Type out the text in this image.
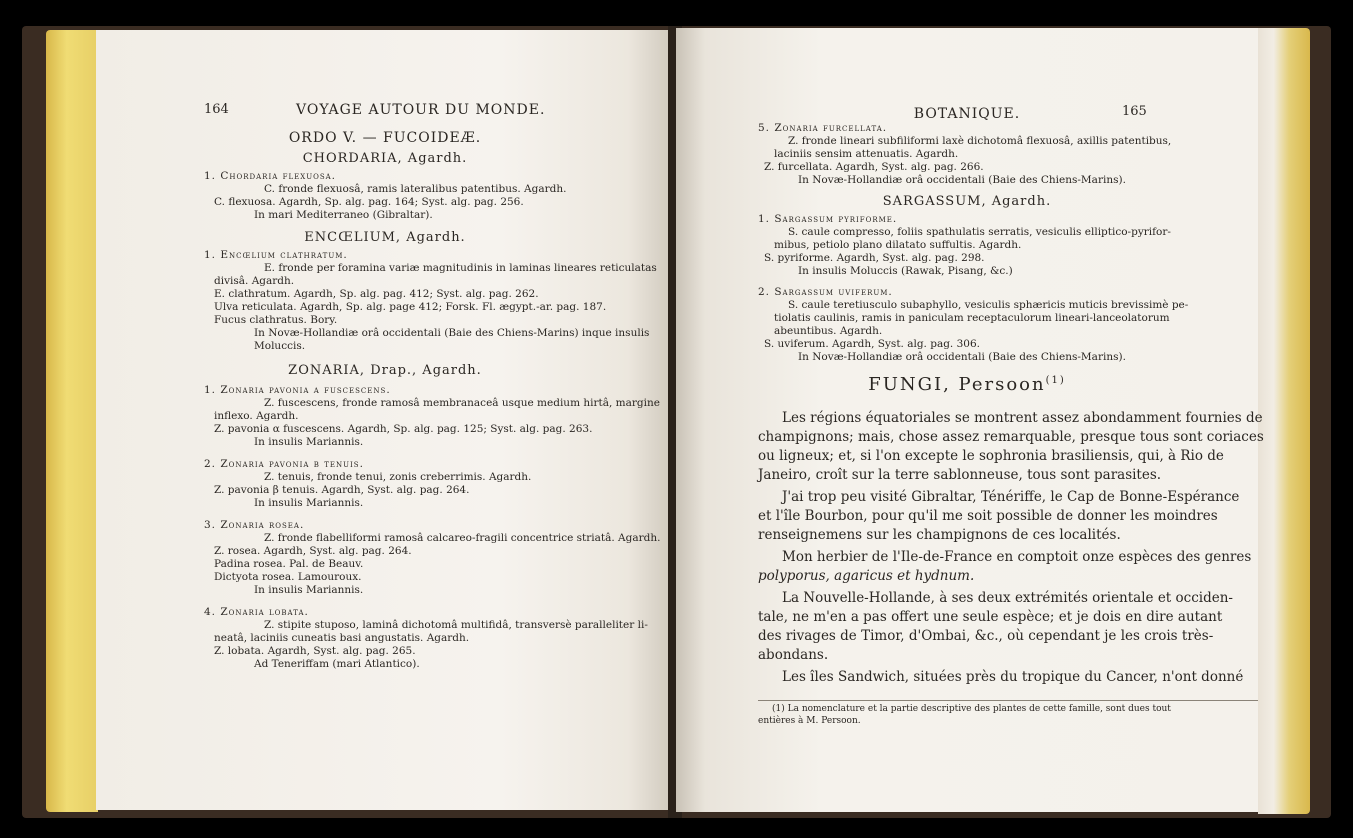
164	VOYAGE AUTOUR DU MONDE.
ORDO V. — FUCOIDEÆ.
CHORDARIA, Agardh.
1. Chordaria flexuosa.
C. fronde flexuosâ, ramis lateralibus patentibus. Agardh.
C. flexuosa. Agardh, Sp. alg. pag. 164; Syst. alg. pag. 256.
In mari Mediterraneo (Gibraltar).
ENCŒLIUM, Agardh.
1. Encœlium clathratum.
E. fronde per foramina variæ magnitudinis in laminas lineares reticulatas
divisâ. Agardh.
E. clathratum. Agardh, Sp. alg. pag. 412; Syst. alg. pag. 262.
Ulva reticulata. Agardh, Sp. alg. page 412; Forsk. Fl. ægypt.-ar. pag. 187.
Fucus clathratus. Bory.
In Novæ-Hollandiæ orâ occidentali (Baie des Chiens-Marins) inque insulis
Moluccis.
ZONARIA, Drap., Agardh.
1. Zonaria pavonia α fuscescens.
Z. fuscescens, fronde ramosâ membranaceâ usque medium hirtâ, margine
inflexo. Agardh.
Z. pavonia α fuscescens. Agardh, Sp. alg. pag. 125; Syst. alg. pag. 263.
In insulis Mariannis.
2. Zonaria pavonia β tenuis.
Z. tenuis, fronde tenui, zonis creberrimis. Agardh.
Z. pavonia β tenuis. Agardh, Syst. alg. pag. 264.
In insulis Mariannis.
3. Zonaria rosea.
Z. fronde flabelliformi ramosâ calcareo-fragili concentrice striatâ. Agardh.
Z. rosea. Agardh, Syst. alg. pag. 264.
Padina rosea. Pal. de Beauv.
Dictyota rosea. Lamouroux.
In insulis Mariannis.
4. Zonaria lobata.
Z. stipite stuposo, laminâ dichotomâ multifidâ, transversè paralleliter li-
neatâ, laciniis cuneatis basi angustatis. Agardh.
Z. lobata. Agardh, Syst. alg. pag. 265.
Ad Teneriffam (mari Atlantico).
BOTANIQUE.	165
5. Zonaria furcellata.
Z. fronde lineari subfiliformi laxè dichotomâ flexuosâ, axillis patentibus,
laciniis sensim attenuatis. Agardh.
Z. furcellata. Agardh, Syst. alg. pag. 266.
In Novæ-Hollandiæ orâ occidentali (Baie des Chiens-Marins).
SARGASSUM, Agardh.
1. Sargassum pyriforme.
S. caule compresso, foliis spathulatis serratis, vesiculis elliptico-pyrifor-
mibus, petiolo plano dilatato suffultis. Agardh.
S. pyriforme. Agardh, Syst. alg. pag. 298.
In insulis Moluccis (Rawak, Pisang, &c.)
2. Sargassum uviferum.
S. caule teretiusculo subaphyllo, vesiculis sphæricis muticis brevissimè pe-
tiolatis caulinis, ramis in paniculam receptaculorum lineari-lanceolatorum
abeuntibus. Agardh.
S. uviferum. Agardh, Syst. alg. pag. 306.
In Novæ-Hollandiæ orâ occidentali (Baie des Chiens-Marins).
FUNGI, Persoon$^{(1)}$
Les régions équatoriales se montrent assez abondamment fournies de
champignons; mais, chose assez remarquable, presque tous sont coriaces
ou ligneux; et, si l'on excepte le sophronia brasiliensis, qui, à Rio de
Janeiro, croît sur la terre sablonneuse, tous sont parasites.
J'ai trop peu visité Gibraltar, Ténériffe, le Cap de Bonne-Espérance
et l'île Bourbon, pour qu'il me soit possible de donner les moindres
renseignemens sur les champignons de ces localités.
Mon herbier de l'Ile-de-France en comptoit onze espèces des genres
polyporus, agaricus et hydnum.
La Nouvelle-Hollande, à ses deux extrémités orientale et occiden-
tale, ne m'en a pas offert une seule espèce; et je dois en dire autant
des rivages de Timor, d'Ombai, &c., où cependant je les crois très-
abondans.
Les îles Sandwich, situées près du tropique du Cancer, n'ont donné
(1) La nomenclature et la partie descriptive des plantes de cette famille, sont dues tout
entières à M. Persoon.
